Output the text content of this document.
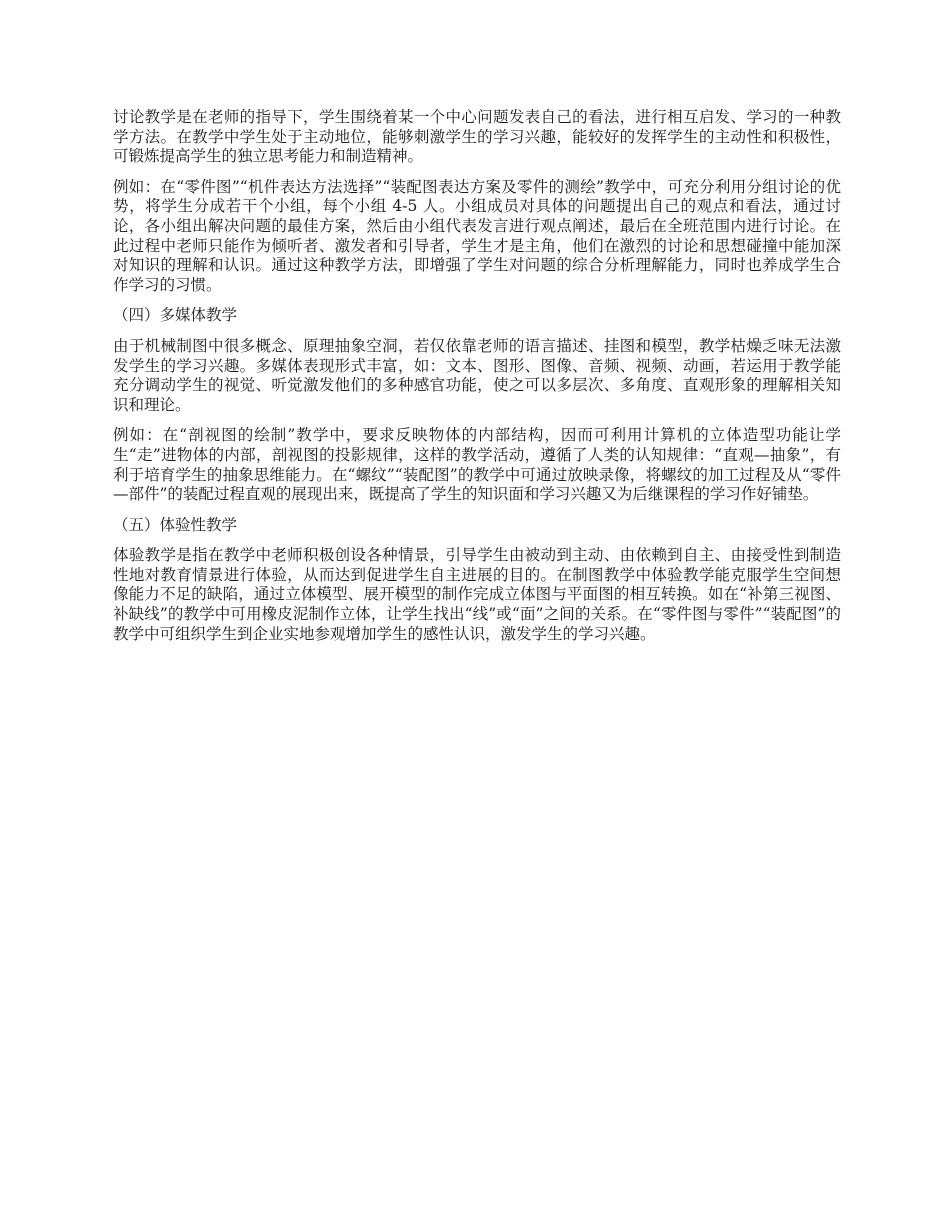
讨论教学是在老师的指导下，学生围绕着某一个中心问题发表自己的看法，进行相互启发、学习的一种教学方法。在教学中学生处于主动地位，能够刺激学生的学习兴趣，能较好的发挥学生的主动性和积极性，可锻炼提高学生的独立思考能力和制造精神。

例如：在“零件图”“机件表达方法选择”“装配图表达方案及零件的测绘”教学中，可充分利用分组讨论的优势，将学生分成若干个小组，每个小组 4-5 人。小组成员对具体的问题提出自己的观点和看法，通过讨论，各小组出解决问题的最佳方案，然后由小组代表发言进行观点阐述，最后在全班范围内进行讨论。在此过程中老师只能作为倾听者、激发者和引导者，学生才是主角，他们在激烈的讨论和思想碰撞中能加深对知识的理解和认识。通过这种教学方法，即增强了学生对问题的综合分析理解能力，同时也养成学生合作学习的习惯。

（四）多媒体教学

由于机械制图中很多概念、原理抽象空洞，若仅依靠老师的语言描述、挂图和模型，教学枯燥乏味无法激发学生的学习兴趣。多媒体表现形式丰富，如：文本、图形、图像、音频、视频、动画，若运用于教学能充分调动学生的视觉、听觉激发他们的多种感官功能，使之可以多层次、多角度、直观形象的理解相关知识和理论。

例如：在“剖视图的绘制”教学中，要求反映物体的内部结构，因而可利用计算机的立体造型功能让学生“走”进物体的内部，剖视图的投影规律，这样的教学活动，遵循了人类的认知规律：“直观—抽象”，有利于培育学生的抽象思维能力。在“螺纹”“装配图”的教学中可通过放映录像，将螺纹的加工过程及从“零件—部件”的装配过程直观的展现出来，既提高了学生的知识面和学习兴趣又为后继课程的学习作好铺垫。

（五）体验性教学

体验教学是指在教学中老师积极创设各种情景，引导学生由被动到主动、由依赖到自主、由接受性到制造性地对教育情景进行体验，从而达到促进学生自主进展的目的。在制图教学中体验教学能克服学生空间想像能力不足的缺陷，通过立体模型、展开模型的制作完成立体图与平面图的相互转换。如在“补第三视图、补缺线”的教学中可用橡皮泥制作立体，让学生找出“线”或“面”之间的关系。在“零件图与零件”“装配图”的教学中可组织学生到企业实地参观增加学生的感性认识，激发学生的学习兴趣。
